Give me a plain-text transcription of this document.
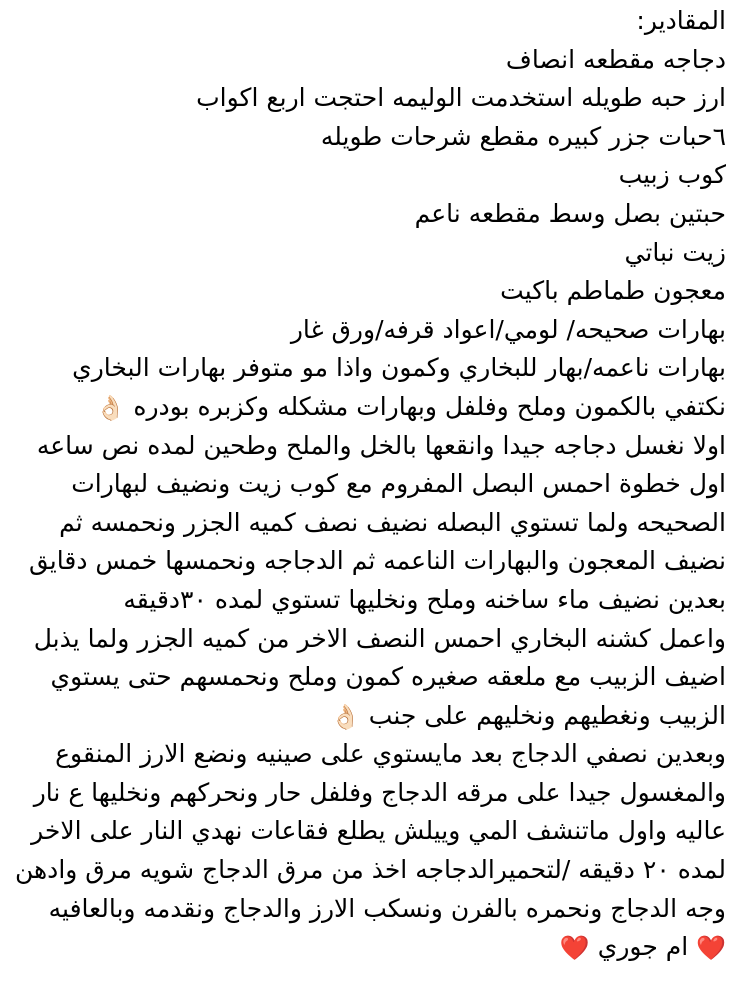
المقادير:

دجاجه مقطعه انصاف

ارز حبه طويله استخدمت الوليمه احتجت اربع اكواب

٦حبات جزر كبيره مقطع شرحات طويله

كوب زبيب

حبتين بصل وسط مقطعه ناعم

زيت نباتي

معجون طماطم باكيت

بهارات صحيحه/ لومي/اعواد قرفه/ورق غار

بهارات ناعمه/بهار للبخاري وكمون واذا مو متوفر بهارات البخاري

نكتفي بالكمون وملح وفلفل وبهارات مشكله وكزبره بودره 👌🏻

اولا نغسل دجاجه جيدا وانقعها بالخل والملح وطحين لمده نص ساعه

اول خطوة احمس البصل المفروم مع كوب زيت ونضيف لبهارات الصحيحه ولما تستوي البصله نضيف نصف كميه الجزر ونحمسه ثم نضيف المعجون والبهارات الناعمه ثم الدجاجه ونحمسها خمس دقايق بعدين نضيف ماء ساخنه وملح ونخليها تستوي لمده ٣٠دقيقه

واعمل كشنه البخاري احمس النصف الاخر من كميه الجزر ولما يذبل اضيف الزبيب مع ملعقه صغيره كمون وملح ونحمسهم حتى يستوي الزبيب ونغطيهم ونخليهم على جنب 👌🏻

وبعدين نصفي الدجاج بعد مايستوي على صينيه ونضع الارز المنقوع والمغسول جيدا على مرقه الدجاج وفلفل حار ونحركهم ونخليها ع نار عاليه واول ماتنشف المي وييلش يطلع فقاعات نهدي النار على الاخر لمده ٢٠ دقيقه /لتحميرالدجاجه اخذ من مرق الدجاج شويه مرق وادهن وجه الدجاج ونحمره بالفرن ونسكب الارز والدجاج ونقدمه وبالعافيه ❤️ ام جوري ❤️
